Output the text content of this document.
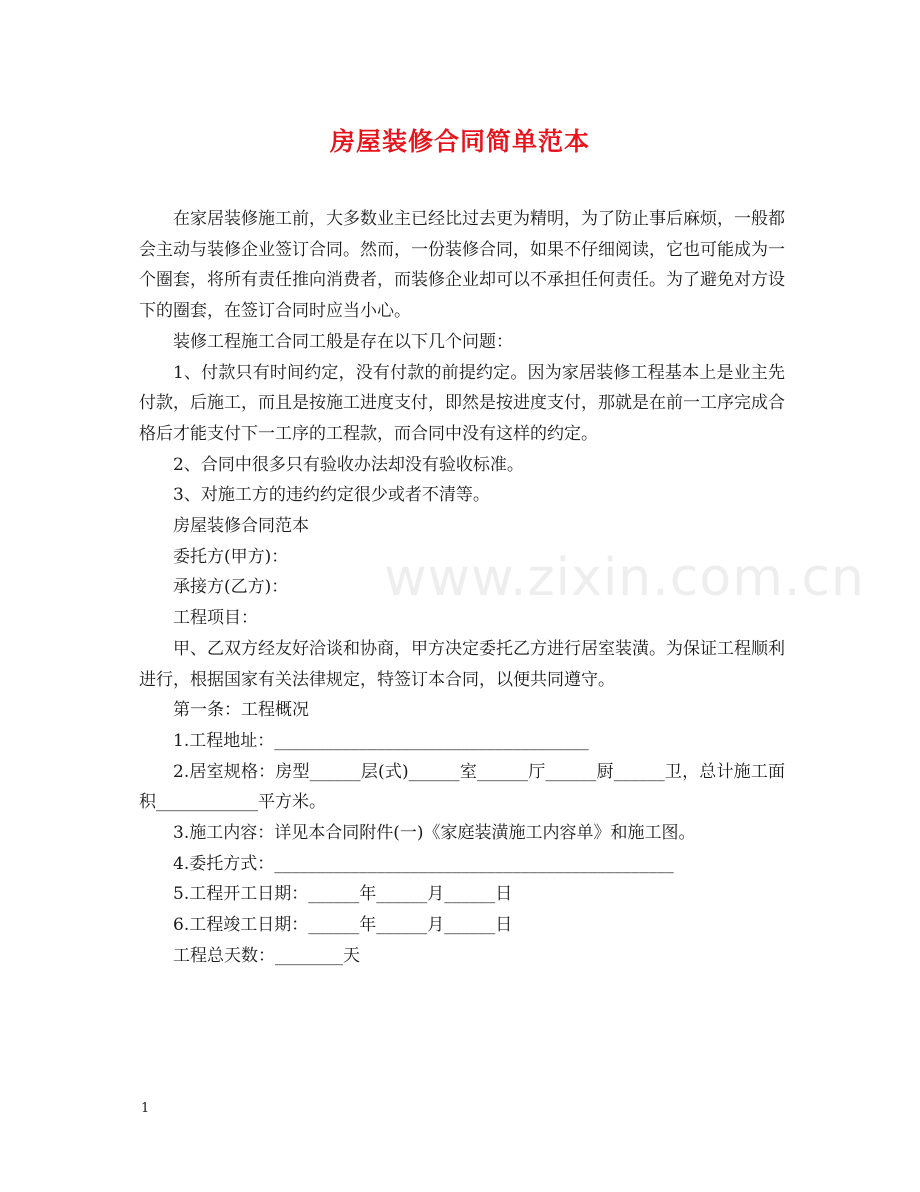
房屋装修合同简单范本

在家居装修施工前，大多数业主已经比过去更为精明，为了防止事后麻烦，一般都会主动与装修企业签订合同。然而，一份装修合同，如果不仔细阅读，它也可能成为一个圈套，将所有责任推向消费者，而装修企业却可以不承担任何责任。为了避免对方设下的圈套，在签订合同时应当小心。

装修工程施工合同工般是存在以下几个问题：

1、付款只有时间约定，没有付款的前提约定。因为家居装修工程基本上是业主先付款，后施工，而且是按施工进度支付，即然是按进度支付，那就是在前一工序完成合格后才能支付下一工序的工程款，而合同中没有这样的约定。

2、合同中很多只有验收办法却没有验收标准。

3、对施工方的违约约定很少或者不清等。

房屋装修合同范本

委托方(甲方)：

承接方(乙方)：

工程项目：

甲、乙双方经友好洽谈和协商，甲方决定委托乙方进行居室装潢。为保证工程顺利进行，根据国家有关法律规定，特签订本合同，以便共同遵守。

第一条：工程概况

1.工程地址：_____________________________________

2.居室规格：房型______层(式)______室______厅______厨______卫，总计施工面积____________平方米。

3.施工内容：详见本合同附件(一)《家庭装潢施工内容单》和施工图。

4.委托方式：_______________________________________________

5.工程开工日期：______年______月______日

6.工程竣工日期：______年______月______日

工程总天数：________天

www.zixin.com.cn
1
